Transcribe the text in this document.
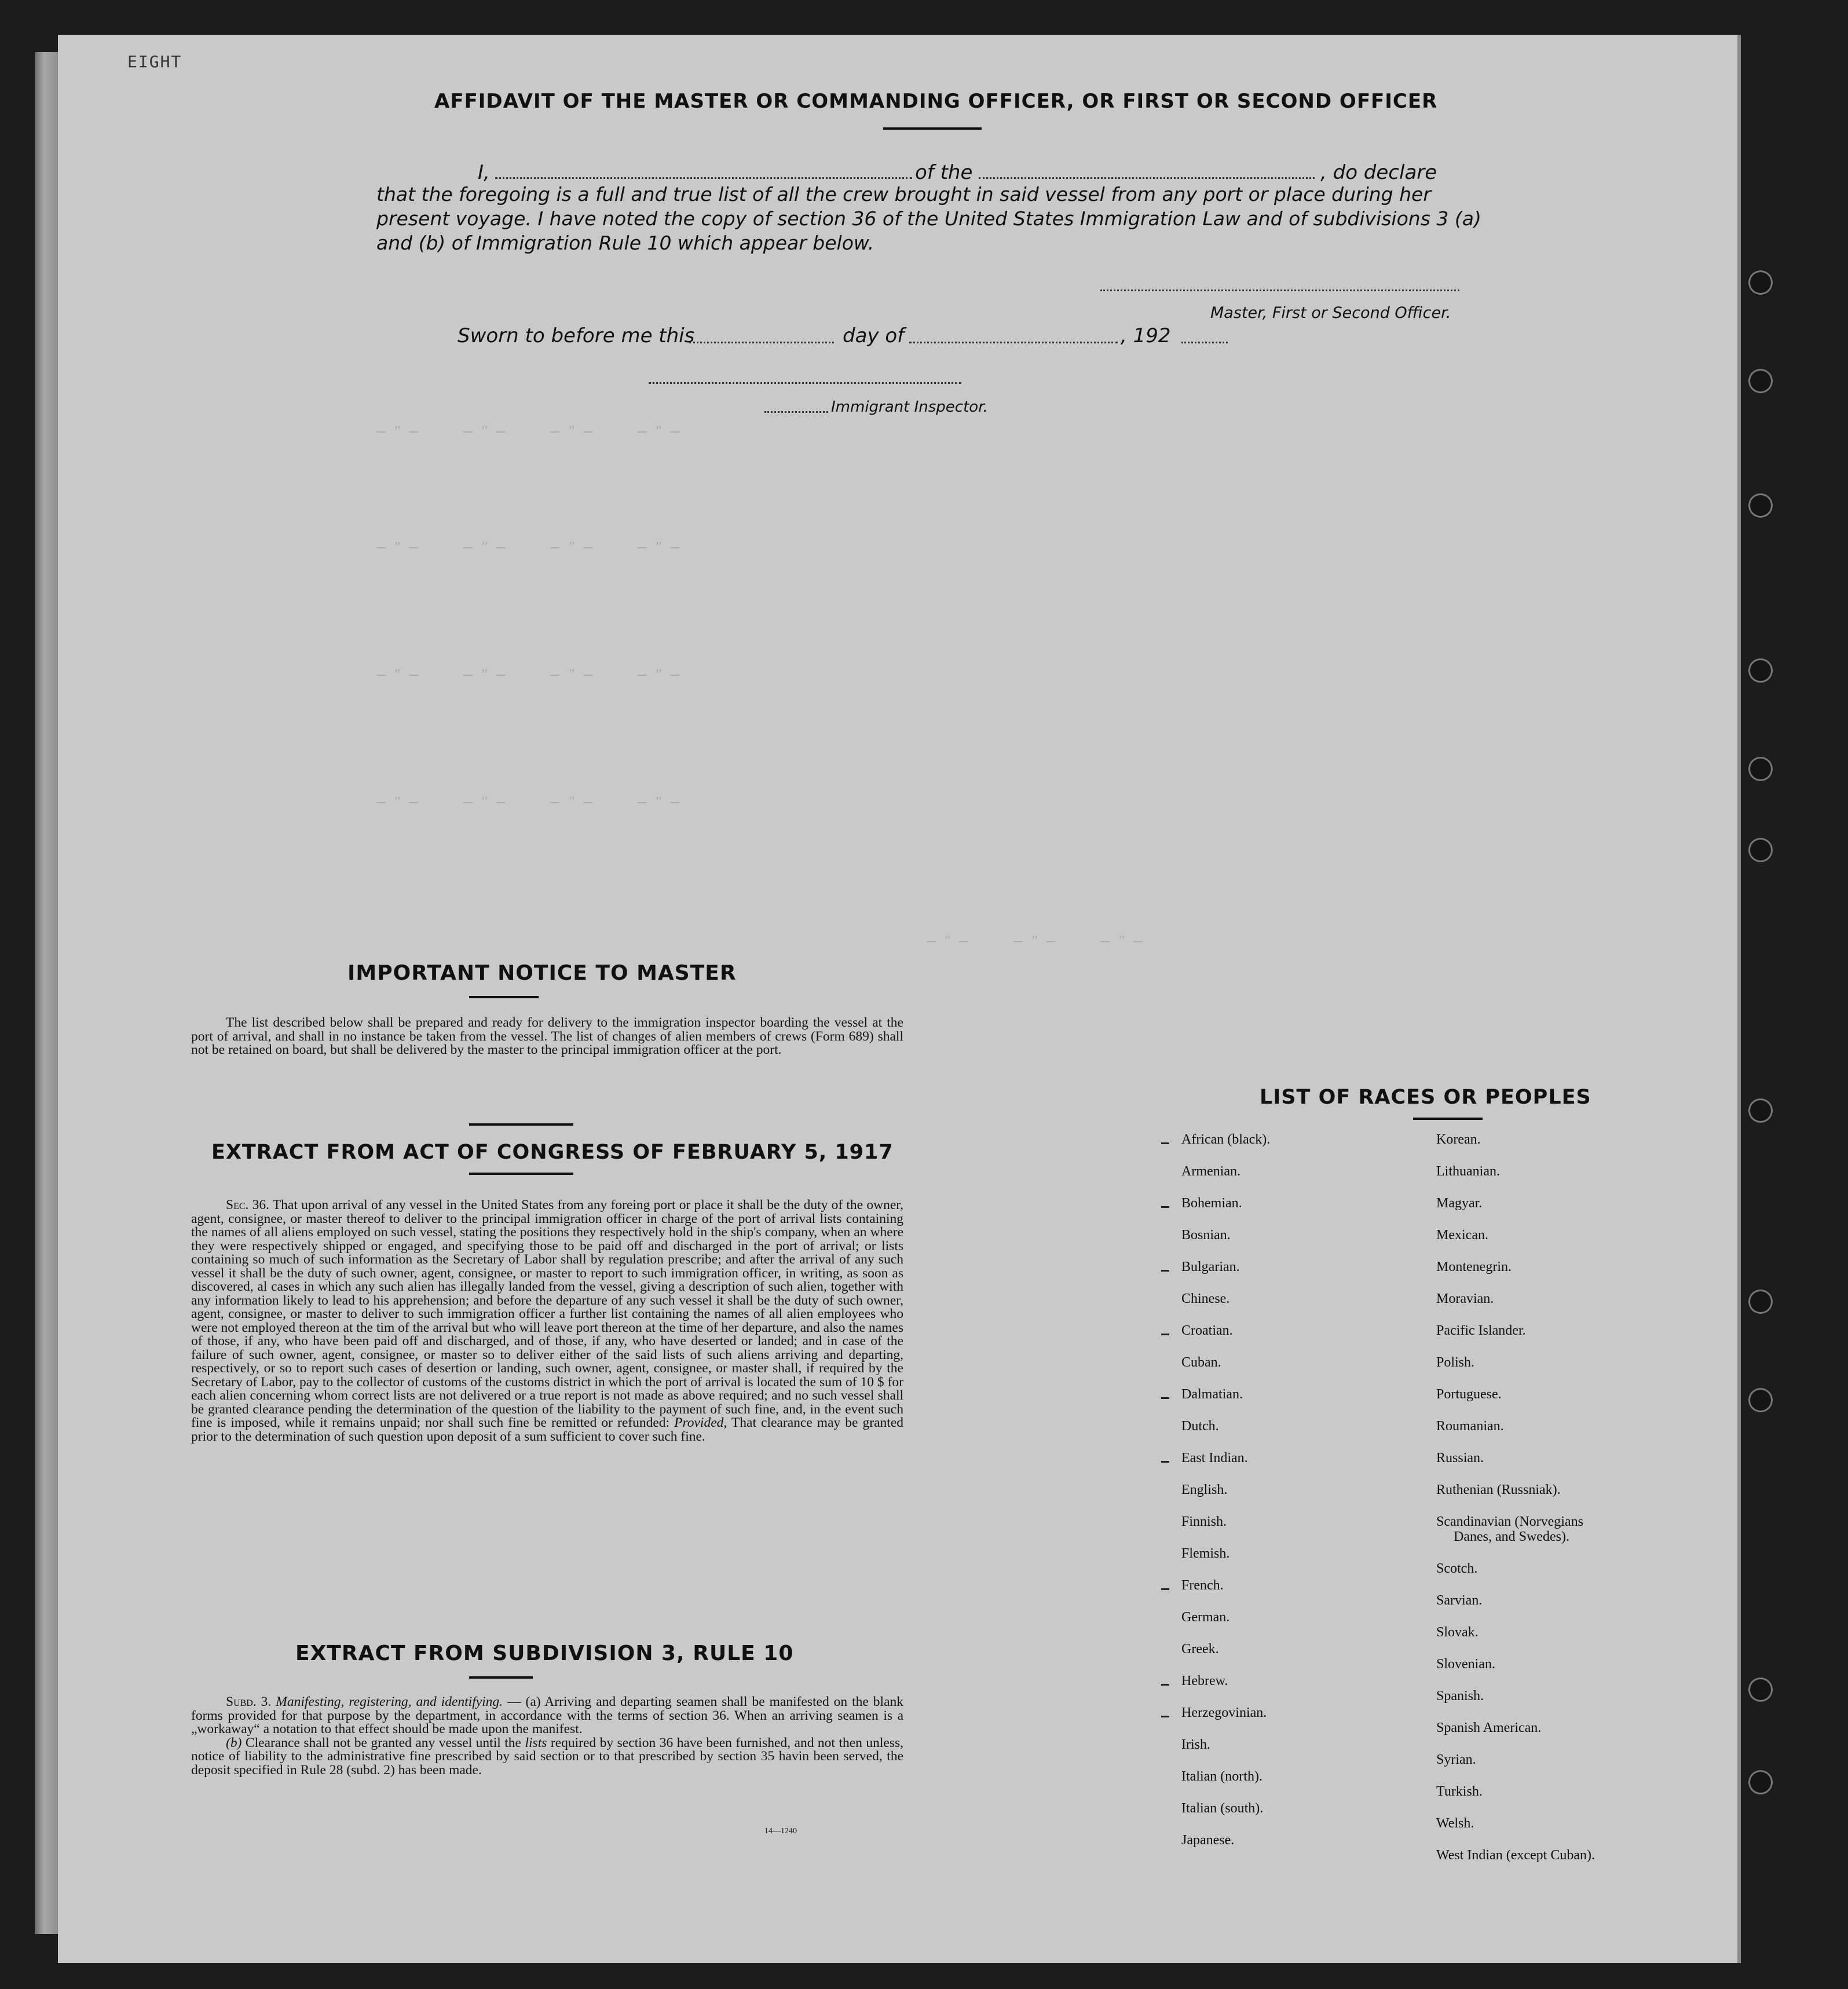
EIGHT
― ʺ ―     ― ʺ ―     ― ʺ ―     ― ʺ ―
― ʺ ―     ― ʺ ―     ― ʺ ―     ― ʺ ―
― ʺ ―     ― ʺ ―     ― ʺ ―     ― ʺ ―
― ʺ ―     ― ʺ ―     ― ʺ ―     ― ʺ ―
― ʺ ―     ― ʺ ―     ― ʺ ―
AFFIDAVIT OF THE MASTER OR COMMANDING OFFICER, OR FIRST OR SECOND OFFICER
I,	of the	, do declare
that the foregoing is a full and true list of all the crew brought in said vessel from any port or place during her
present voyage. I have noted the copy of section 36 of the United States Immigration Law and of subdivisions 3 (a)
and (b) of Immigration Rule 10 which appear below.
Master, First or Second Officer.
Sworn to before me this	day of	, 192
Immigrant Inspector.
IMPORTANT NOTICE TO MASTER
The list described below shall be prepared and ready for delivery to the immigration inspector boarding the vessel at the port of arrival, and shall in no instance be taken from the vessel. The list of changes of alien members of crews (Form 689) shall not be retained on board, but shall be delivered by the master to the principal immigration officer at the port.
EXTRACT FROM ACT OF CONGRESS OF FEBRUARY 5, 1917
Sec. 36. That upon arrival of any vessel in the United States from any foreing port or place it shall be the duty of the owner, agent, consignee, or master thereof to deliver to the principal immigration officer in charge of the port of arrival lists containing the names of all aliens employed on such vessel, stating the positions they respectively hold in the ship's company, when an where they were respectively shipped or engaged, and specifying those to be paid off and discharged in the port of arrival; or lists containing so much of such information as the Secretary of Labor shall by regulation prescribe; and after the arrival of any such vessel it shall be the duty of such owner, agent, consignee, or master to report to such immigration officer, in writing, as soon as discovered, al cases in which any such alien has illegally landed from the vessel, giving a description of such alien, together with any information likely to lead to his apprehension; and before the departure of any such vessel it shall be the duty of such owner, agent, consignee, or master to deliver to such immigration officer a further list containing the names of all alien employees who were not employed thereon at the tim of the arrival but who will leave port thereon at the time of her departure, and also the names of those, if any, who have been paid off and discharged, and of those, if any, who have deserted or landed; and in case of the failure of such owner, agent, consignee, or master so to deliver either of the said lists of such aliens arriving and departing, respectively, or so to report such cases of desertion or landing, such owner, agent, consignee, or master shall, if required by the Secretary of Labor, pay to the collector of customs of the customs district in which the port of arrival is located the sum of 10 $ for each alien concerning whom correct lists are not delivered or a true report is not made as above required; and no such vessel shall be granted clearance pending the determination of the question of the liability to the payment of such fine, and, in the event such fine is imposed, while it remains unpaid; nor shall such fine be remitted or refunded: Provided, That clearance may be granted prior to the determination of such question upon deposit of a sum sufficient to cover such fine.
EXTRACT FROM SUBDIVISION 3, RULE 10
Subd. 3. Manifesting, registering, and identifying. — (a) Arriving and departing seamen shall be manifested on the blank forms provided for that purpose by the department, in accordance with the terms of section 36. When an arriving seamen is a „workaway“ a notation to that effect should be made upon the manifest.
(b) Clearance shall not be granted any vessel until the lists required by section 36 have been furnished, and not then unless, notice of liability to the administrative fine prescribed by said section or to that prescribed by section 35 havin been served, the deposit specified in Rule 28 (subd. 2) has been made.
14—1240
LIST OF RACES OR PEOPLES
African (black).
Armenian.
Bohemian.
Bosnian.
Bulgarian.
Chinese.
Croatian.
Cuban.
Dalmatian.
Dutch.
East Indian.
English.
Finnish.
Flemish.
French.
German.
Greek.
Hebrew.
Herzegovinian.
Irish.
Italian (north).
Italian (south).
Japanese.
Korean.
Lithuanian.
Magyar.
Mexican.
Montenegrin.
Moravian.
Pacific Islander.
Polish.
Portuguese.
Roumanian.
Russian.
Ruthenian (Russniak).
Scandinavian (Norvegians
Danes, and Swedes).
Scotch.
Sarvian.
Slovak.
Slovenian.
Spanish.
Spanish American.
Syrian.
Turkish.
Welsh.
West Indian (except Cuban).
